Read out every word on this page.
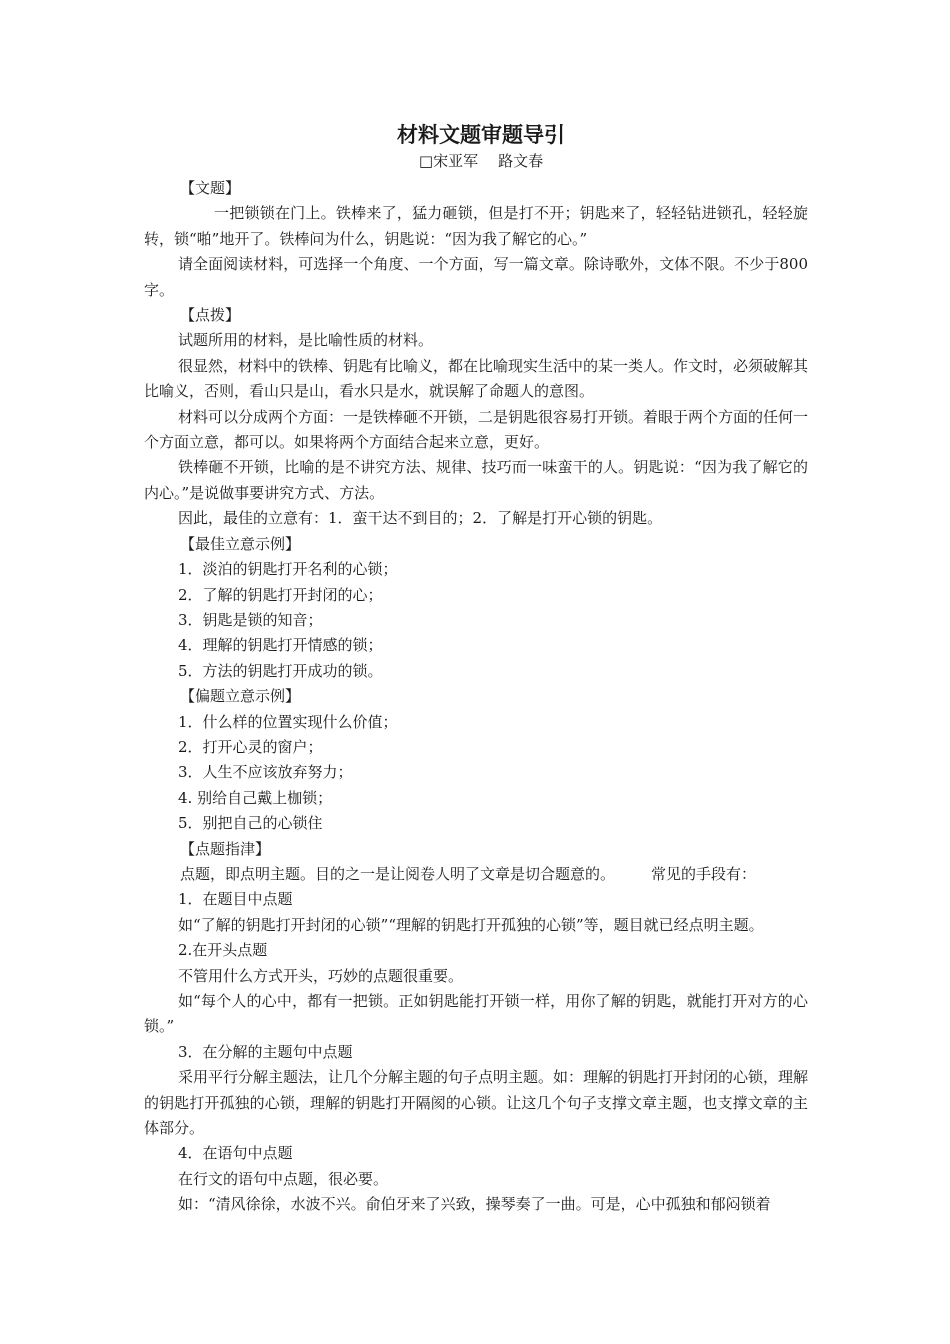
材料文题审题导引
□宋亚军 路文春

【文题】

一把锁锁在门上。铁棒来了，猛力砸锁，但是打不开；钥匙来了，轻轻钻进锁孔，轻轻旋转，锁“啪”地开了。铁棒问为什么，钥匙说：“因为我了解它的心。”

请全面阅读材料，可选择一个角度、一个方面，写一篇文章。除诗歌外，文体不限。不少于800字。

【点拨】

试题所用的材料，是比喻性质的材料。

很显然，材料中的铁棒、钥匙有比喻义，都在比喻现实生活中的某一类人。作文时，必须破解其比喻义，否则，看山只是山，看水只是水，就误解了命题人的意图。

材料可以分成两个方面：一是铁棒砸不开锁，二是钥匙很容易打开锁。着眼于两个方面的任何一个方面立意，都可以。如果将两个方面结合起来立意，更好。

铁棒砸不开锁，比喻的是不讲究方法、规律、技巧而一味蛮干的人。钥匙说：“因为我了解它的内心。”是说做事要讲究方式、方法。

因此，最佳的立意有：1．蛮干达不到目的；2．了解是打开心锁的钥匙。

【最佳立意示例】

1．淡泊的钥匙打开名利的心锁；

2．了解的钥匙打开封闭的心；

3．钥匙是锁的知音；

4．理解的钥匙打开情感的锁；

5．方法的钥匙打开成功的锁。

【偏题立意示例】

1．什么样的位置实现什么价值；

2．打开心灵的窗户；

3．人生不应该放弃努力；

4. 别给自己戴上枷锁；

5．别把自己的心锁住

【点题指津】

点题，即点明主题。目的之一是让阅卷人明了文章是切合题意的。 常见的手段有：

1．在题目中点题

如“了解的钥匙打开封闭的心锁”“理解的钥匙打开孤独的心锁”等，题目就已经点明主题。

2.在开头点题

不管用什么方式开头，巧妙的点题很重要。

如“每个人的心中，都有一把锁。正如钥匙能打开锁一样，用你了解的钥匙，就能打开对方的心锁。”

3．在分解的主题句中点题

采用平行分解主题法，让几个分解主题的句子点明主题。如：理解的钥匙打开封闭的心锁，理解的钥匙打开孤独的心锁，理解的钥匙打开隔阂的心锁。让这几个句子支撑文章主题，也支撑文章的主体部分。

4．在语句中点题

在行文的语句中点题，很必要。

如：“清风徐徐，水波不兴。俞伯牙来了兴致，操琴奏了一曲。可是，心中孤独和郁闷锁着
